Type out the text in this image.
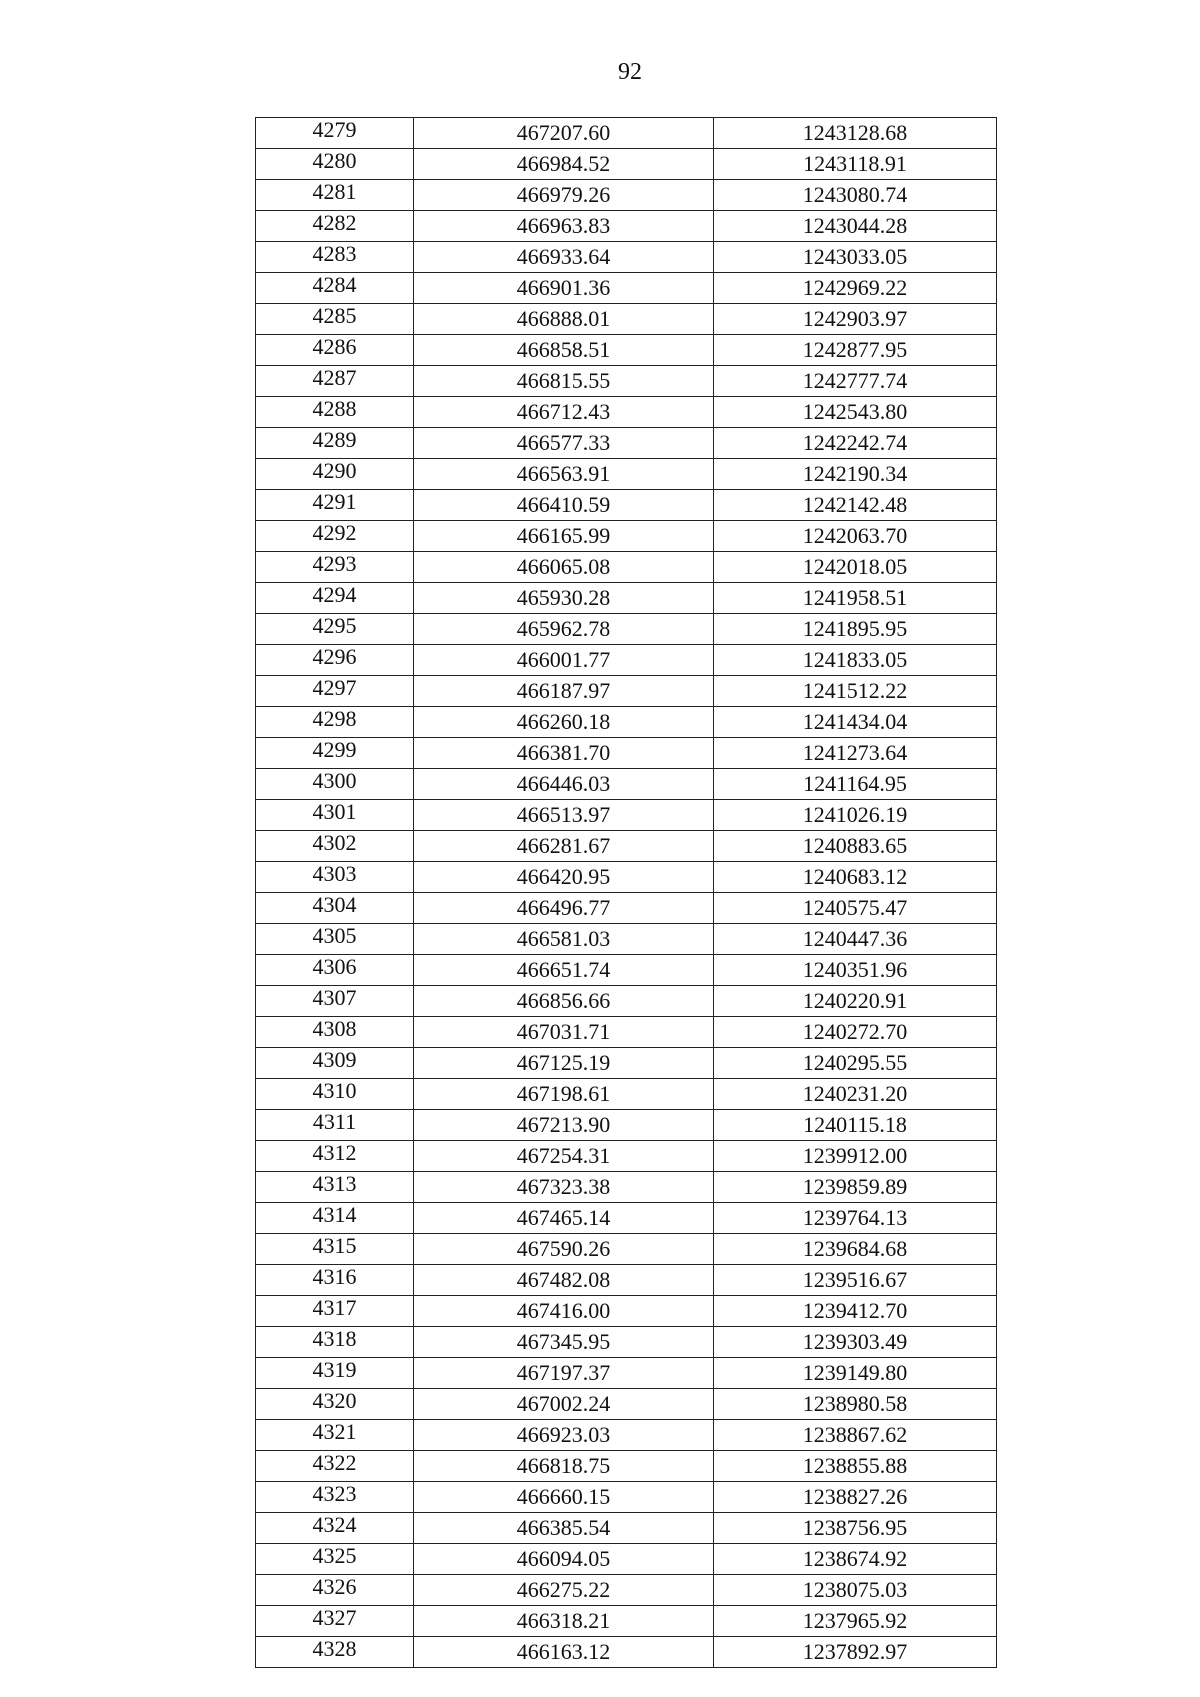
92
4279	467207.60	1243128.68
4280	466984.52	1243118.91
4281	466979.26	1243080.74
4282	466963.83	1243044.28
4283	466933.64	1243033.05
4284	466901.36	1242969.22
4285	466888.01	1242903.97
4286	466858.51	1242877.95
4287	466815.55	1242777.74
4288	466712.43	1242543.80
4289	466577.33	1242242.74
4290	466563.91	1242190.34
4291	466410.59	1242142.48
4292	466165.99	1242063.70
4293	466065.08	1242018.05
4294	465930.28	1241958.51
4295	465962.78	1241895.95
4296	466001.77	1241833.05
4297	466187.97	1241512.22
4298	466260.18	1241434.04
4299	466381.70	1241273.64
4300	466446.03	1241164.95
4301	466513.97	1241026.19
4302	466281.67	1240883.65
4303	466420.95	1240683.12
4304	466496.77	1240575.47
4305	466581.03	1240447.36
4306	466651.74	1240351.96
4307	466856.66	1240220.91
4308	467031.71	1240272.70
4309	467125.19	1240295.55
4310	467198.61	1240231.20
4311	467213.90	1240115.18
4312	467254.31	1239912.00
4313	467323.38	1239859.89
4314	467465.14	1239764.13
4315	467590.26	1239684.68
4316	467482.08	1239516.67
4317	467416.00	1239412.70
4318	467345.95	1239303.49
4319	467197.37	1239149.80
4320	467002.24	1238980.58
4321	466923.03	1238867.62
4322	466818.75	1238855.88
4323	466660.15	1238827.26
4324	466385.54	1238756.95
4325	466094.05	1238674.92
4326	466275.22	1238075.03
4327	466318.21	1237965.92
4328	466163.12	1237892.97
